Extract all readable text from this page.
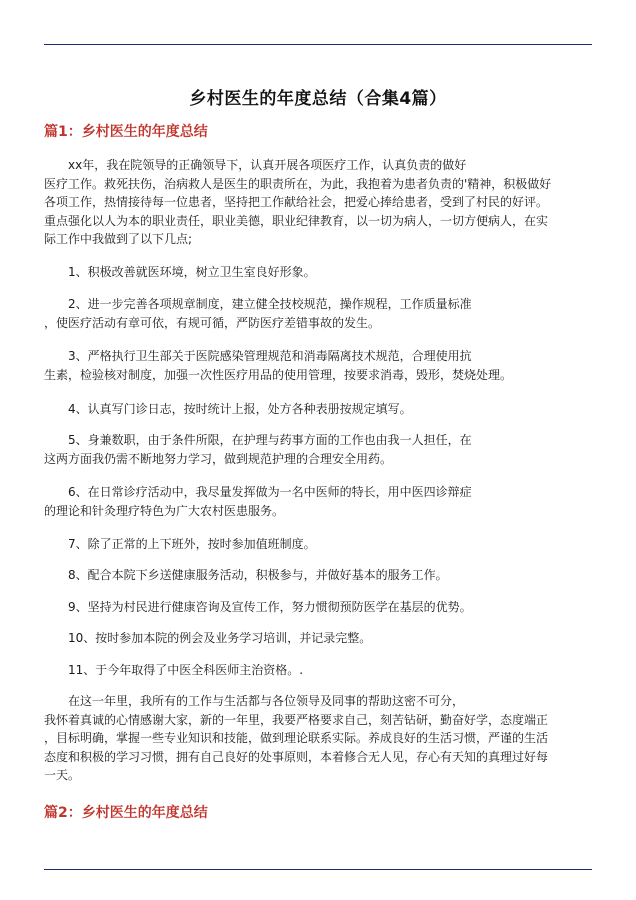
乡村医生的年度总结（合集4篇）
篇1：乡村医生的年度总结
xx年，我在院领导的正确领导下，认真开展各项医疗工作，认真负责的做好
医疗工作。救死扶伤，治病救人是医生的职责所在，为此，我抱着为患者负责的'精神，积极做好
各项工作，热情接待每一位患者，坚持把工作献给社会，把爱心捧给患者，受到了村民的好评。
重点强化以人为本的职业责任，职业美德，职业纪律教育，以一切为病人，一切方便病人，在实
际工作中我做到了以下几点;
1、积极改善就医环境，树立卫生室良好形象。
2、进一步完善各项规章制度，建立健全技校规范，操作规程，工作质量标准
，使医疗活动有章可依，有规可循，严防医疗差错事故的发生。
3、严格执行卫生部关于医院感染管理规范和消毒隔离技术规范，合理使用抗
生素，检验核对制度，加强一次性医疗用品的使用管理，按要求消毒，毁形，焚烧处理。
4、认真写门诊日志，按时统计上报，处方各种表册按规定填写。
5、身兼数职，由于条件所限，在护理与药事方面的工作也由我一人担任，在
这两方面我仍需不断地努力学习，做到规范护理的合理安全用药。
6、在日常诊疗活动中，我尽量发挥做为一名中医师的特长，用中医四诊辩症
的理论和针灸理疗特色为广大农村医患服务。
7、除了正常的上下班外，按时参加值班制度。
8、配合本院下乡送健康服务活动，积极参与，并做好基本的服务工作。
9、坚持为村民进行健康咨询及宣传工作，努力惯彻预防医学在基层的优势。
10、按时参加本院的例会及业务学习培训，并记录完整。
11、于今年取得了中医全科医师主治资格。.
在这一年里，我所有的工作与生活都与各位领导及同事的帮助这密不可分，
我怀着真诚的心情感谢大家，新的一年里，我要严格要求自己，刻苦钻研，勤奋好学，态度端正
，目标明确，掌握一些专业知识和技能，做到理论联系实际。养成良好的生活习惯，严谨的生活
态度和积极的学习习惯，拥有自己良好的处事原则，本着修合无人见，存心有天知的真理过好每
一天。
篇2：乡村医生的年度总结
